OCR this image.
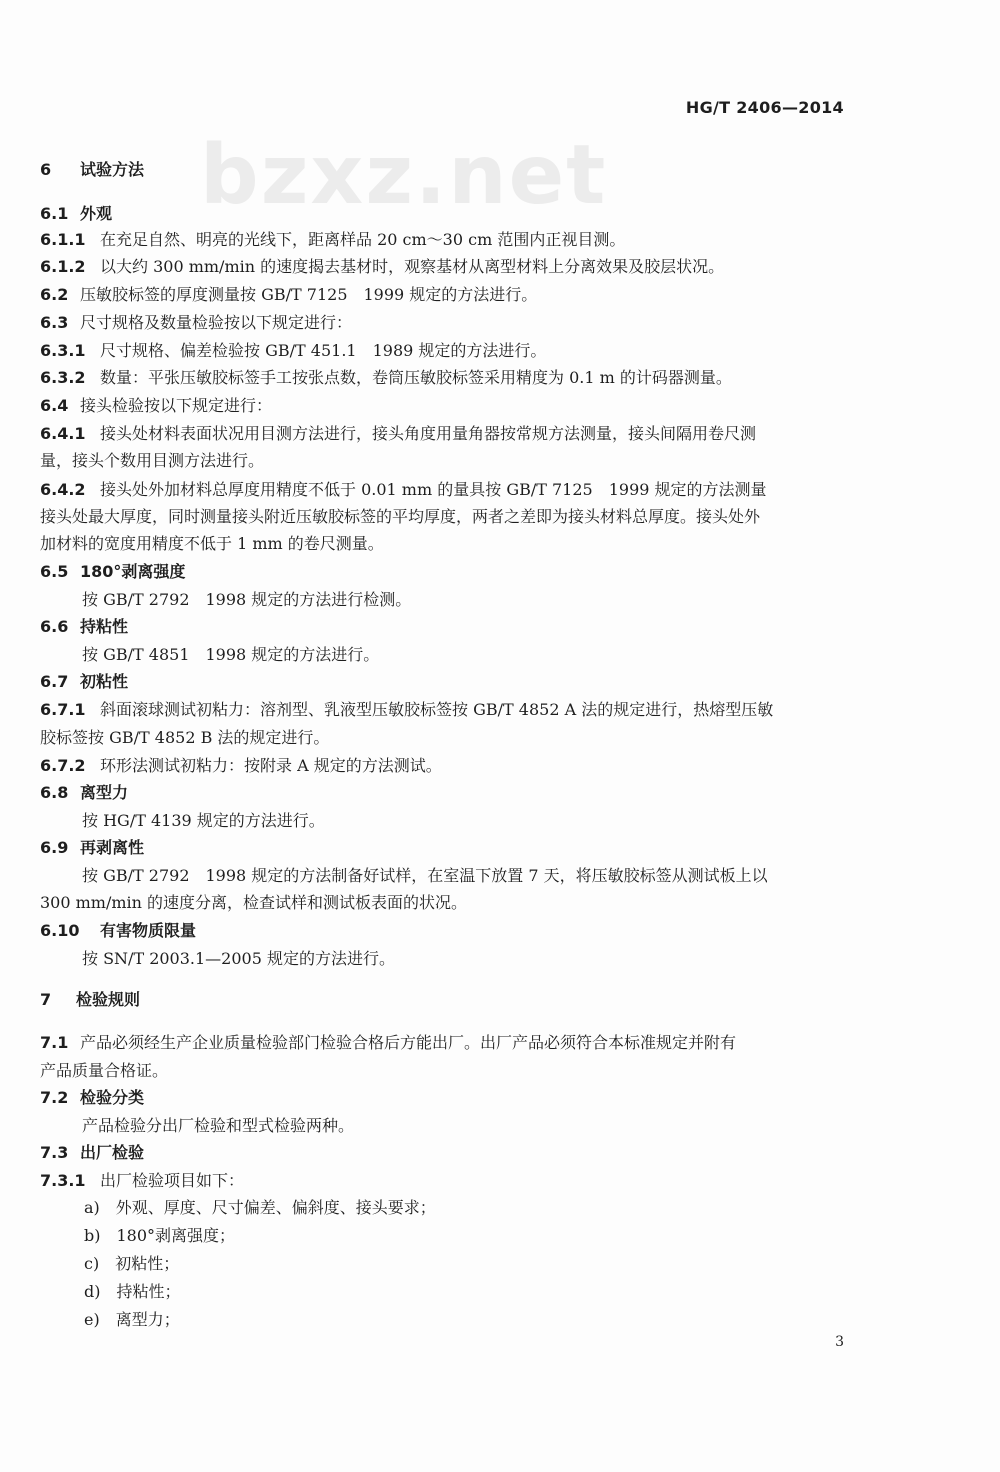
bzxz.net
HG/T 2406—2014
6 试验方法
6.1 外观
6.1.1 在充足自然、明亮的光线下，距离样品 20 cm～30 cm 范围内正视目测。
6.1.2 以大约 300 mm/min 的速度揭去基材时，观察基材从离型材料上分离效果及胶层状况。
6.2 压敏胶标签的厚度测量按 GB/T 7125　1999 规定的方法进行。
6.3 尺寸规格及数量检验按以下规定进行：
6.3.1 尺寸规格、偏差检验按 GB/T 451.1　1989 规定的方法进行。
6.3.2 数量：平张压敏胶标签手工按张点数，卷筒压敏胶标签采用精度为 0.1 m 的计码器测量。
6.4 接头检验按以下规定进行：
6.4.1 接头处材料表面状况用目测方法进行，接头角度用量角器按常规方法测量，接头间隔用卷尺测
量，接头个数用目测方法进行。
6.4.2 接头处外加材料总厚度用精度不低于 0.01 mm 的量具按 GB/T 7125　1999 规定的方法测量
接头处最大厚度，同时测量接头附近压敏胶标签的平均厚度，两者之差即为接头材料总厚度。接头处外
加材料的宽度用精度不低于 1 mm 的卷尺测量。
6.5 180°剥离强度
按 GB/T 2792　1998 规定的方法进行检测。
6.6 持粘性
按 GB/T 4851　1998 规定的方法进行。
6.7 初粘性
6.7.1 斜面滚球测试初粘力：溶剂型、乳液型压敏胶标签按 GB/T 4852 A 法的规定进行，热熔型压敏
胶标签按 GB/T 4852 B 法的规定进行。
6.7.2 环形法测试初粘力：按附录 A 规定的方法测试。
6.8 离型力
按 HG/T 4139 规定的方法进行。
6.9 再剥离性
按 GB/T 2792　1998 规定的方法制备好试样，在室温下放置 7 天，将压敏胶标签从测试板上以
300 mm/min 的速度分离，检查试样和测试板表面的状况。
6.10 有害物质限量
按 SN/T 2003.1—2005 规定的方法进行。
7 检验规则
7.1 产品必须经生产企业质量检验部门检验合格后方能出厂。出厂产品必须符合本标准规定并附有
产品质量合格证。
7.2 检验分类
产品检验分出厂检验和型式检验两种。
7.3 出厂检验
7.3.1 出厂检验项目如下：
a)　外观、厚度、尺寸偏差、偏斜度、接头要求；
b)　180°剥离强度；
c)　初粘性；
d)　持粘性；
e)　离型力；
3
